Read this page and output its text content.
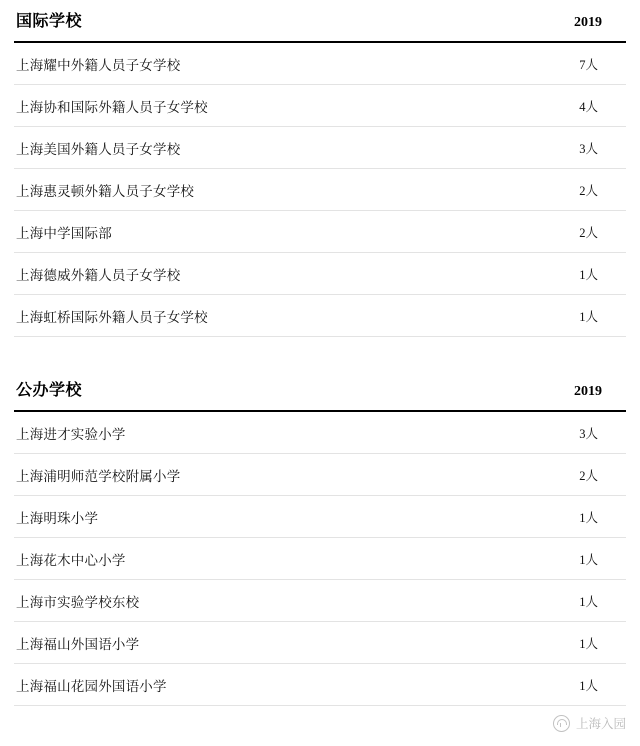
国际学校	2019
上海耀中外籍人员子女学校	7人
上海协和国际外籍人员子女学校	4人
上海美国外籍人员子女学校	3人
上海惠灵顿外籍人员子女学校	2人
上海中学国际部	2人
上海德威外籍人员子女学校	1人
上海虹桥国际外籍人员子女学校	1人
公办学校	2019
上海进才实验小学	3人
上海浦明师范学校附属小学	2人
上海明珠小学	1人
上海花木中心小学	1人
上海市实验学校东校	1人
上海福山外国语小学	1人
上海福山花园外国语小学	1人
上海入园
